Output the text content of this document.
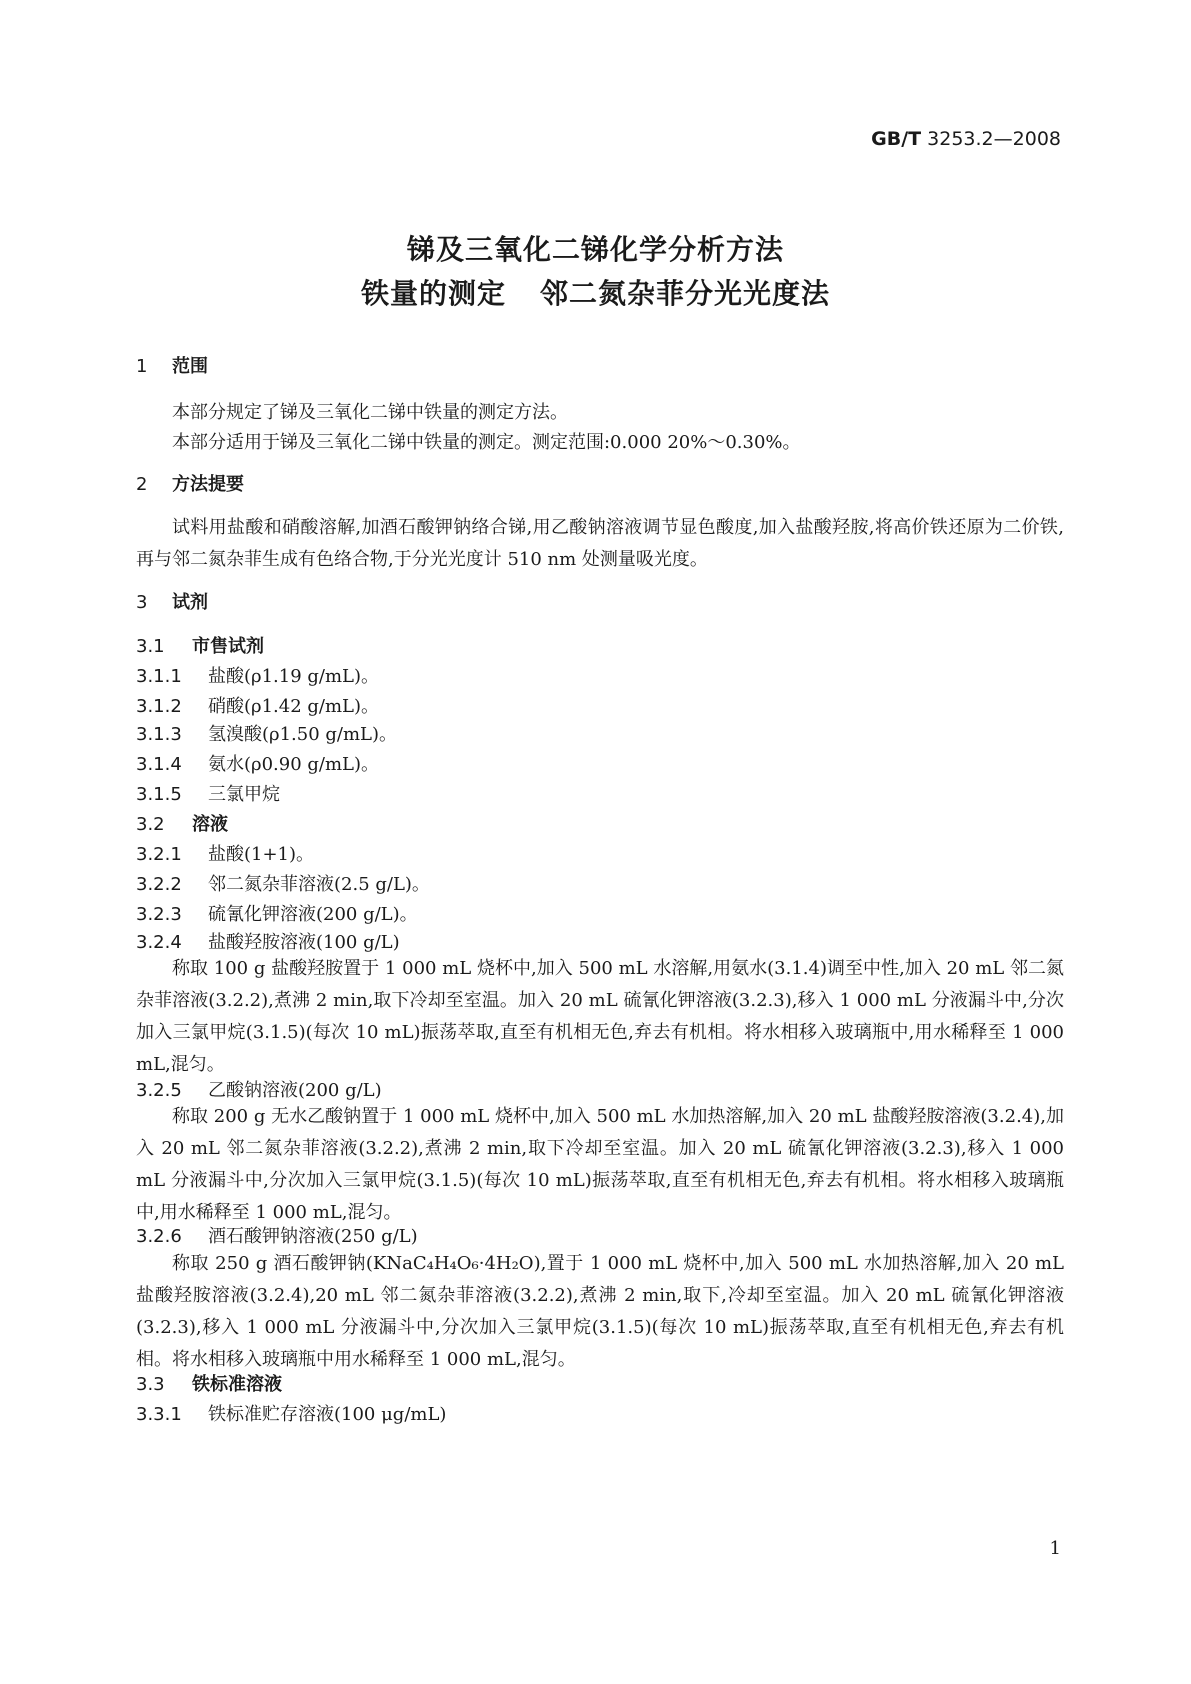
GB/T 3253.2—2008
锑及三氧化二锑化学分析方法
铁量的测定 邻二氮杂菲分光光度法
1 范围
本部分规定了锑及三氧化二锑中铁量的测定方法。
本部分适用于锑及三氧化二锑中铁量的测定。测定范围:0.000 20%～0.30%。
2 方法提要
试料用盐酸和硝酸溶解,加酒石酸钾钠络合锑,用乙酸钠溶液调节显色酸度,加入盐酸羟胺,将高价铁还原为二价铁,再与邻二氮杂菲生成有色络合物,于分光光度计 510 nm 处测量吸光度。
3 试剂
3.1 市售试剂
3.1.1 盐酸(ρ1.19 g/mL)。
3.1.2 硝酸(ρ1.42 g/mL)。
3.1.3 氢溴酸(ρ1.50 g/mL)。
3.1.4 氨水(ρ0.90 g/mL)。
3.1.5 三氯甲烷
3.2 溶液
3.2.1 盐酸(1+1)。
3.2.2 邻二氮杂菲溶液(2.5 g/L)。
3.2.3 硫氰化钾溶液(200 g/L)。
3.2.4 盐酸羟胺溶液(100 g/L)
称取 100 g 盐酸羟胺置于 1 000 mL 烧杯中,加入 500 mL 水溶解,用氨水(3.1.4)调至中性,加入 20 mL 邻二氮杂菲溶液(3.2.2),煮沸 2 min,取下冷却至室温。加入 20 mL 硫氰化钾溶液(3.2.3),移入 1 000 mL 分液漏斗中,分次加入三氯甲烷(3.1.5)(每次 10 mL)振荡萃取,直至有机相无色,弃去有机相。将水相移入玻璃瓶中,用水稀释至 1 000 mL,混匀。
3.2.5 乙酸钠溶液(200 g/L)
称取 200 g 无水乙酸钠置于 1 000 mL 烧杯中,加入 500 mL 水加热溶解,加入 20 mL 盐酸羟胺溶液(3.2.4),加入 20 mL 邻二氮杂菲溶液(3.2.2),煮沸 2 min,取下冷却至室温。加入 20 mL 硫氰化钾溶液(3.2.3),移入 1 000 mL 分液漏斗中,分次加入三氯甲烷(3.1.5)(每次 10 mL)振荡萃取,直至有机相无色,弃去有机相。将水相移入玻璃瓶中,用水稀释至 1 000 mL,混匀。
3.2.6 酒石酸钾钠溶液(250 g/L)
称取 250 g 酒石酸钾钠(KNaC₄H₄O₆·4H₂O),置于 1 000 mL 烧杯中,加入 500 mL 水加热溶解,加入 20 mL 盐酸羟胺溶液(3.2.4),20 mL 邻二氮杂菲溶液(3.2.2),煮沸 2 min,取下,冷却至室温。加入 20 mL 硫氰化钾溶液(3.2.3),移入 1 000 mL 分液漏斗中,分次加入三氯甲烷(3.1.5)(每次 10 mL)振荡萃取,直至有机相无色,弃去有机相。将水相移入玻璃瓶中用水稀释至 1 000 mL,混匀。
3.3 铁标准溶液
3.3.1 铁标准贮存溶液(100 μg/mL)
1
